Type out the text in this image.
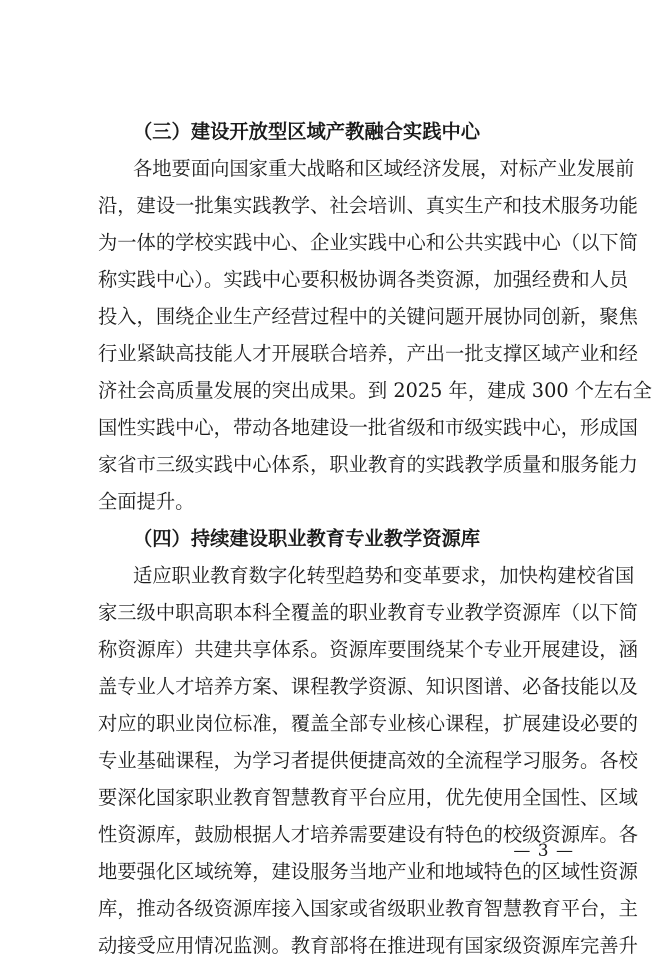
（三）建设开放型区域产教融合实践中心
各地要面向国家重大战略和区域经济发展，对标产业发展前
沿，建设一批集实践教学、社会培训、真实生产和技术服务功能
为一体的学校实践中心、企业实践中心和公共实践中心（以下简
称实践中心）。实践中心要积极协调各类资源，加强经费和人员
投入，围绕企业生产经营过程中的关键问题开展协同创新，聚焦
行业紧缺高技能人才开展联合培养，产出一批支撑区域产业和经
济社会高质量发展的突出成果。到 2025 年，建成 300 个左右全
国性实践中心，带动各地建设一批省级和市级实践中心，形成国
家省市三级实践中心体系，职业教育的实践教学质量和服务能力
全面提升。
（四）持续建设职业教育专业教学资源库
适应职业教育数字化转型趋势和变革要求，加快构建校省国
家三级中职高职本科全覆盖的职业教育专业教学资源库（以下简
称资源库）共建共享体系。资源库要围绕某个专业开展建设，涵
盖专业人才培养方案、课程教学资源、知识图谱、必备技能以及
对应的职业岗位标准，覆盖全部专业核心课程，扩展建设必要的
专业基础课程，为学习者提供便捷高效的全流程学习服务。各校
要深化国家职业教育智慧教育平台应用，优先使用全国性、区域
性资源库，鼓励根据人才培养需要建设有特色的校级资源库。各
地要强化区域统筹，建设服务当地产业和地域特色的区域性资源
库，推动各级资源库接入国家或省级职业教育智慧教育平台，主
动接受应用情况监测。教育部将在推进现有国家级资源库完善升
— 3 —
